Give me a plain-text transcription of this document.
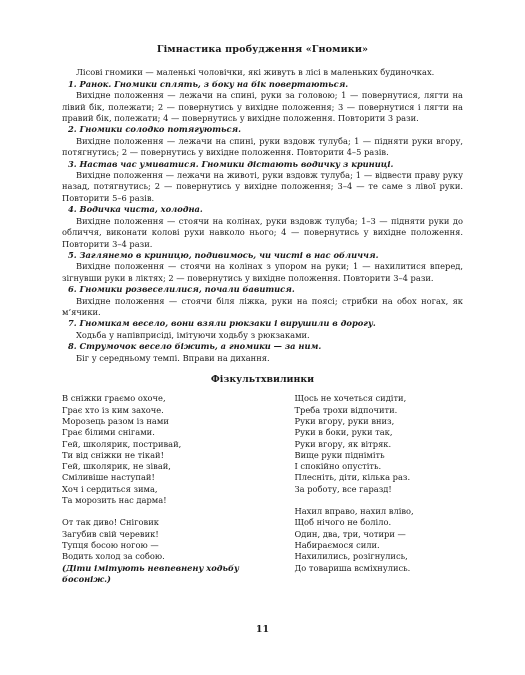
Гімнастика пробудження «Гномики»

Лісові гномики — маленькі чоловічки, які живуть в лісі в маленьких будиночках.

1. Ранок. Гномики сплять, з боку на бік повертаються.

Вихідне положення — лежачи на спині, руки за головою; 1 — повернутися, лягти на лівий бік, полежати; 2 — повернутись у вихідне положення; 3 — повернутися і лягти на правий бік, полежати; 4 — повернутись у вихідне положення. Повторити 3 рази.

2. Гномики солодко потягуються.

Вихідне положення — лежачи на спині, руки вздовж тулуба; 1 — підняти руки вгору, потягнутись; 2 — повернутись у вихідне положення. Повторити 4–5 разів.

3. Настав час умиватися. Гномики дістають водичку з криниці.

Вихідне положення — лежачи на животі, руки вздовж тулуба; 1 — відвести праву руку назад, потягнутись; 2 — повернутись у вихідне положення; 3–4 — те саме з лівої руки. Повторити 5–6 разів.

4. Водичка чиста, холодна.

Вихідне положення — стоячи на колінах, руки вздовж тулуба; 1–3 — підняти руки до обличчя, виконати колові рухи навколо нього; 4 — повернутись у вихідне положення. Повторити 3–4 рази.

5. Заглянемо в криницю, подивимось, чи чисті в нас обличчя.

Вихідне положення — стоячи на колінах з упором на руки; 1 — нахилитися вперед, зігнувши руки в ліктях; 2 — повернутись у вихідне положення. Повторити 3–4 рази.

6. Гномики розвеселилися, почали бавитися.

Вихідне положення — стоячи біля ліжка, руки на поясі; стрибки на обох ногах, як м’ячики.

7. Гномикам весело, вони взяли рюкзаки і вирушили в дорогу.

Ходьба у напівприсіді, імітуючи ходьбу з рюкзаками.

8. Струмочок весело біжить, а гномики — за ним.

Біг у середньому темпі. Вправи на дихання.

Фізкультхвилинки
В сніжки граємо охоче,
Грає хто із ким захоче.
Морозець разом із нами
Грає білими снігами.
Гей, школярик, постривай,
Ти від сніжки не тікай!
Гей, школярик, не зівай,
Сміливіше наступай!
Хоч і сердиться зима,
Та морозить нас дарма!
От так диво! Сніговик
Загубив свій черевик!
Тупця босою ногою —
Водить холод за собою.
(Діти імітують невпевнену ходьбу босоніж.)
Щось не хочеться сидіти,
Треба трохи відпочити.
Руки вгору, руки вниз,
Руки в боки, руки так,
Руки вгору, як вітряк.
Вище руки підніміть
І спокійно опустіть.
Плесніть, діти, кілька раз.
За роботу, все гаразд!
Нахил вправо, нахил вліво,
Щоб нічого не боліло.
Один, два, три, чотири —
Набираємося сили.
Нахилились, розігнулись,
До товариша всміхнулись.
11
